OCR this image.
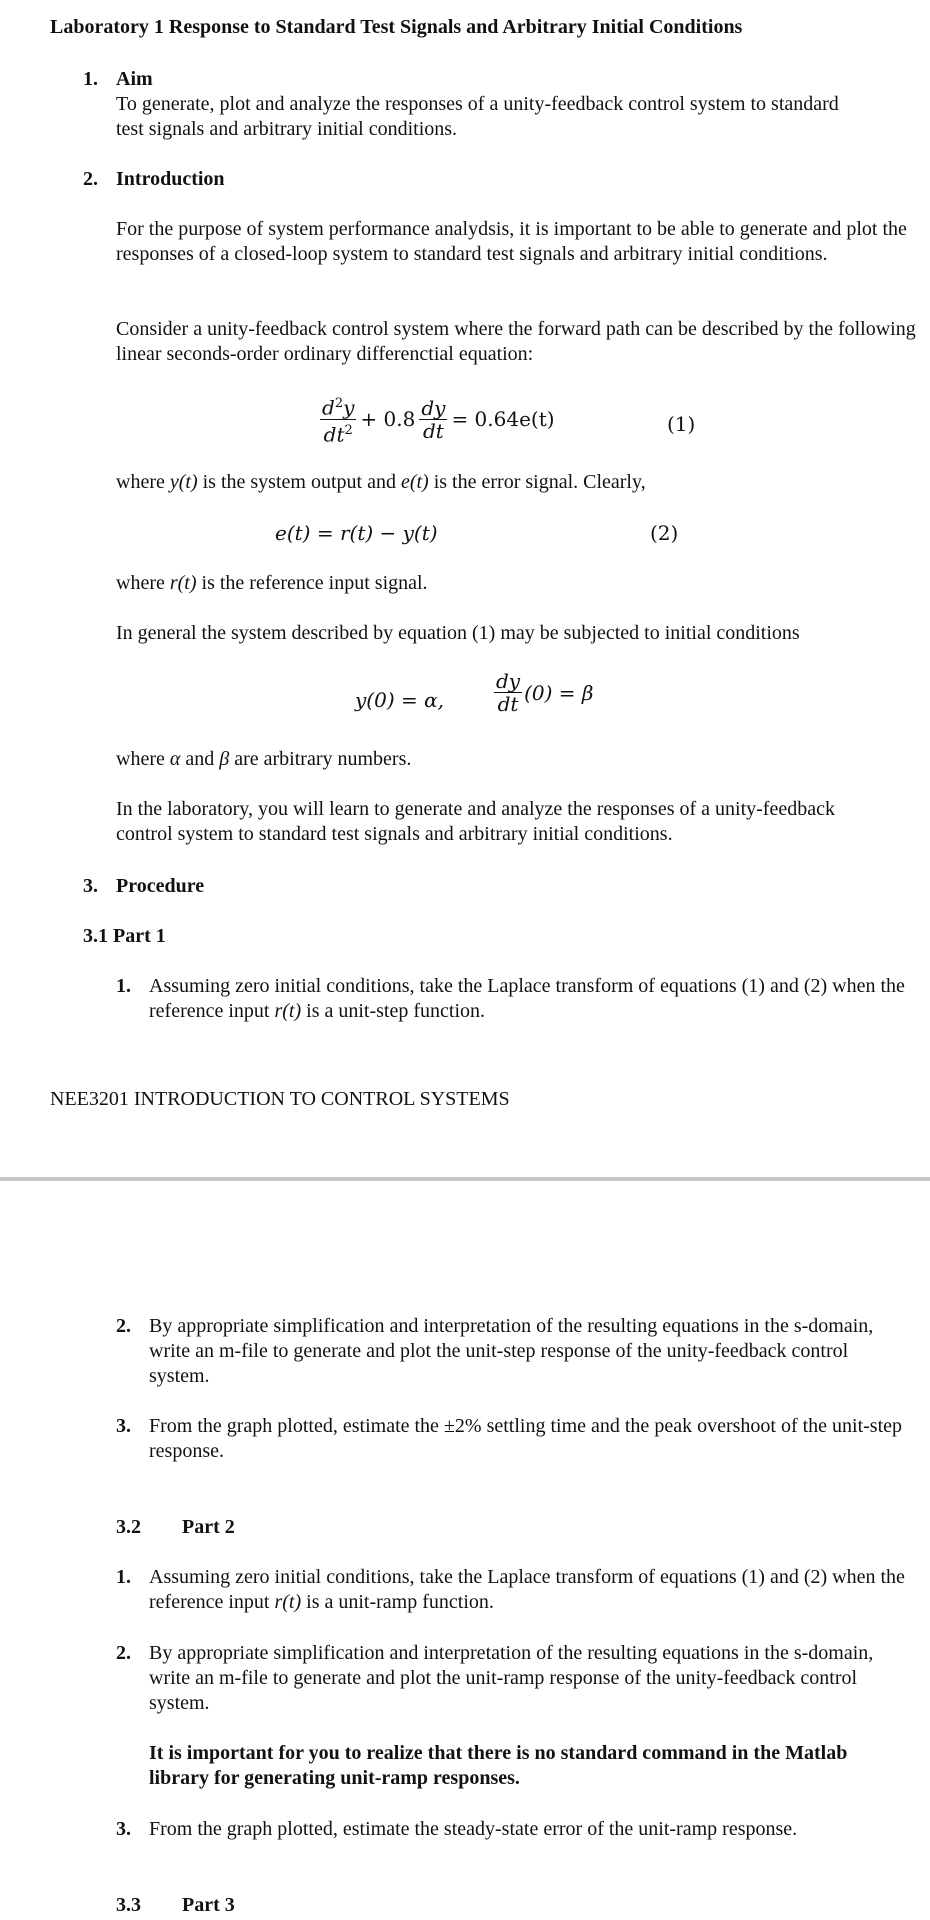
Laboratory 1 Response to Standard Test Signals and Arbitrary Initial Conditions
1. Aim
To generate, plot and analyze the responses of a unity-feedback control system to standard test signals and arbitrary initial conditions.
2. Introduction
For the purpose of system performance analydsis, it is important to be able to generate and plot the responses of a closed-loop system to standard test signals and arbitrary initial conditions.
Consider a unity-feedback control system where the forward path can be described by the following linear seconds-order ordinary differenctial equation:
$\frac{d^2y}{dt^2} + 0.8 \frac{dy}{dt} = 0.64e(t)$	(1)
where y(t) is the system output and e(t) is the error signal. Clearly,
e(t) = r(t) − y(t)	(2)
where r(t) is the reference input signal.
In general the system described by equation (1) may be subjected to initial conditions
y(0) = α,	$\frac{dy}{dt} (0) = \beta$
where α and β are arbitrary numbers.
In the laboratory, you will learn to generate and analyze the responses of a unity-feedback control system to standard test signals and arbitrary initial conditions.
3. Procedure
3.1 Part 1
1. Assuming zero initial conditions, take the Laplace transform of equations (1) and (2) when the reference input r(t) is a unit-step function.
NEE3201 INTRODUCTION TO CONTROL SYSTEMS
2. By appropriate simplification and interpretation of the resulting equations in the s-domain, write an m-file to generate and plot the unit-step response of the unity-feedback control system.
3. From the graph plotted, estimate the ±2% settling time and the peak overshoot of the unit-step response.
3.2 Part 2
1. Assuming zero initial conditions, take the Laplace transform of equations (1) and (2) when the reference input r(t) is a unit-ramp function.
2. By appropriate simplification and interpretation of the resulting equations in the s-domain, write an m-file to generate and plot the unit-ramp response of the unity-feedback control system.
It is important for you to realize that there is no standard command in the Matlab library for generating unit-ramp responses.
3. From the graph plotted, estimate the steady-state error of the unit-ramp response.
3.3 Part 3
